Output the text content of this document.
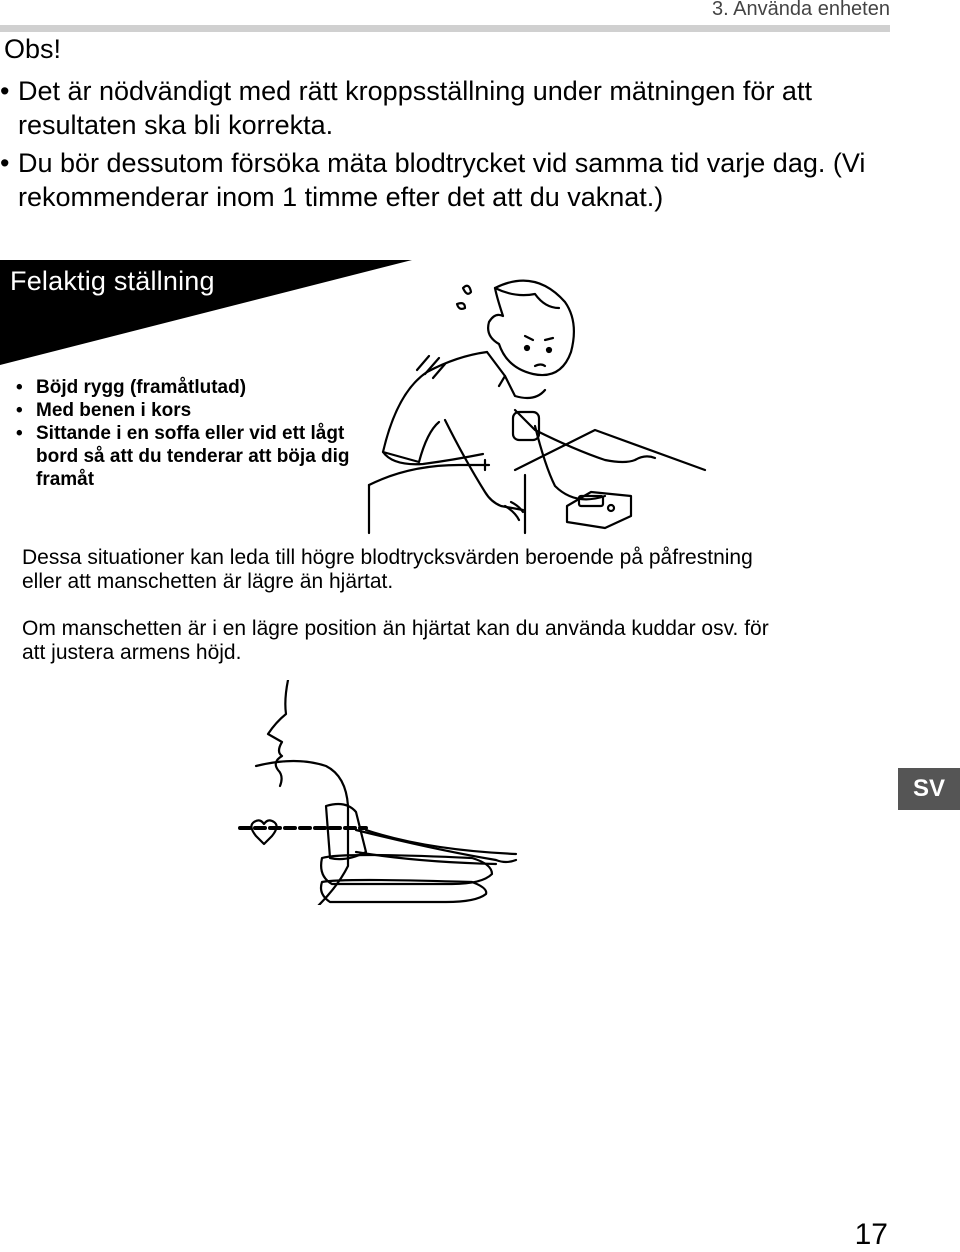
3. Använda enheten
Obs!
• Det är nödvändigt med rätt kroppsställning under mätningen för att resultaten ska bli korrekta.
• Du bör dessutom försöka mäta blodtrycket vid samma tid varje dag. (Vi rekommenderar inom 1 timme efter det att du vaknat.)
Felaktig ställning
• Böjd rygg (framåtlutad)
• Med benen i kors
• Sittande i en soffa eller vid ett lågt bord så att du tenderar att böja dig framåt
Dessa situationer kan leda till högre blodtrycksvärden beroende på påfrestning eller att manschetten är lägre än hjärtat.
Om manschetten är i en lägre position än hjärtat kan du använda kuddar osv. för att justera armens höjd.
SV
17
